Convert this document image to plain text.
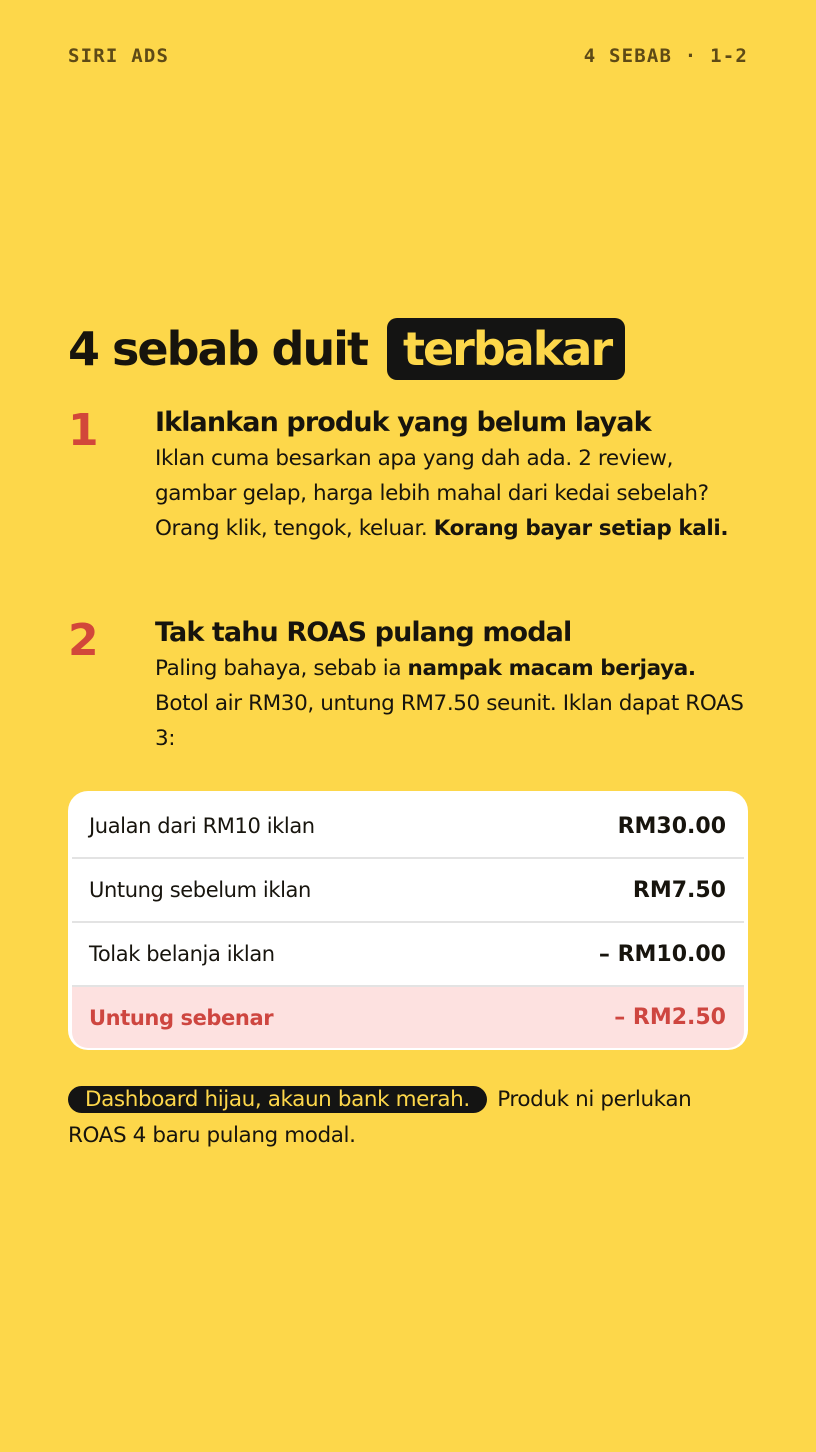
SIRI ADS	4 SEBAB · 1-2
4 sebab duit terbakar
1 Iklankan produk yang belum layak
Iklan cuma besarkan apa yang dah ada. 2 review, gambar gelap, harga lebih mahal dari kedai sebelah? Orang klik, tengok, keluar. Korang bayar setiap kali.
2 Tak tahu ROAS pulang modal
Paling bahaya, sebab ia nampak macam berjaya. Botol air RM30, untung RM7.50 seunit. Iklan dapat ROAS 3:
Jualan dari RM10 iklan	RM30.00
Untung sebelum iklan	RM7.50
Tolak belanja iklan	– RM10.00
Untung sebenar	– RM2.50
Dashboard hijau, akaun bank merah. Produk ni perlukan ROAS 4 baru pulang modal.
